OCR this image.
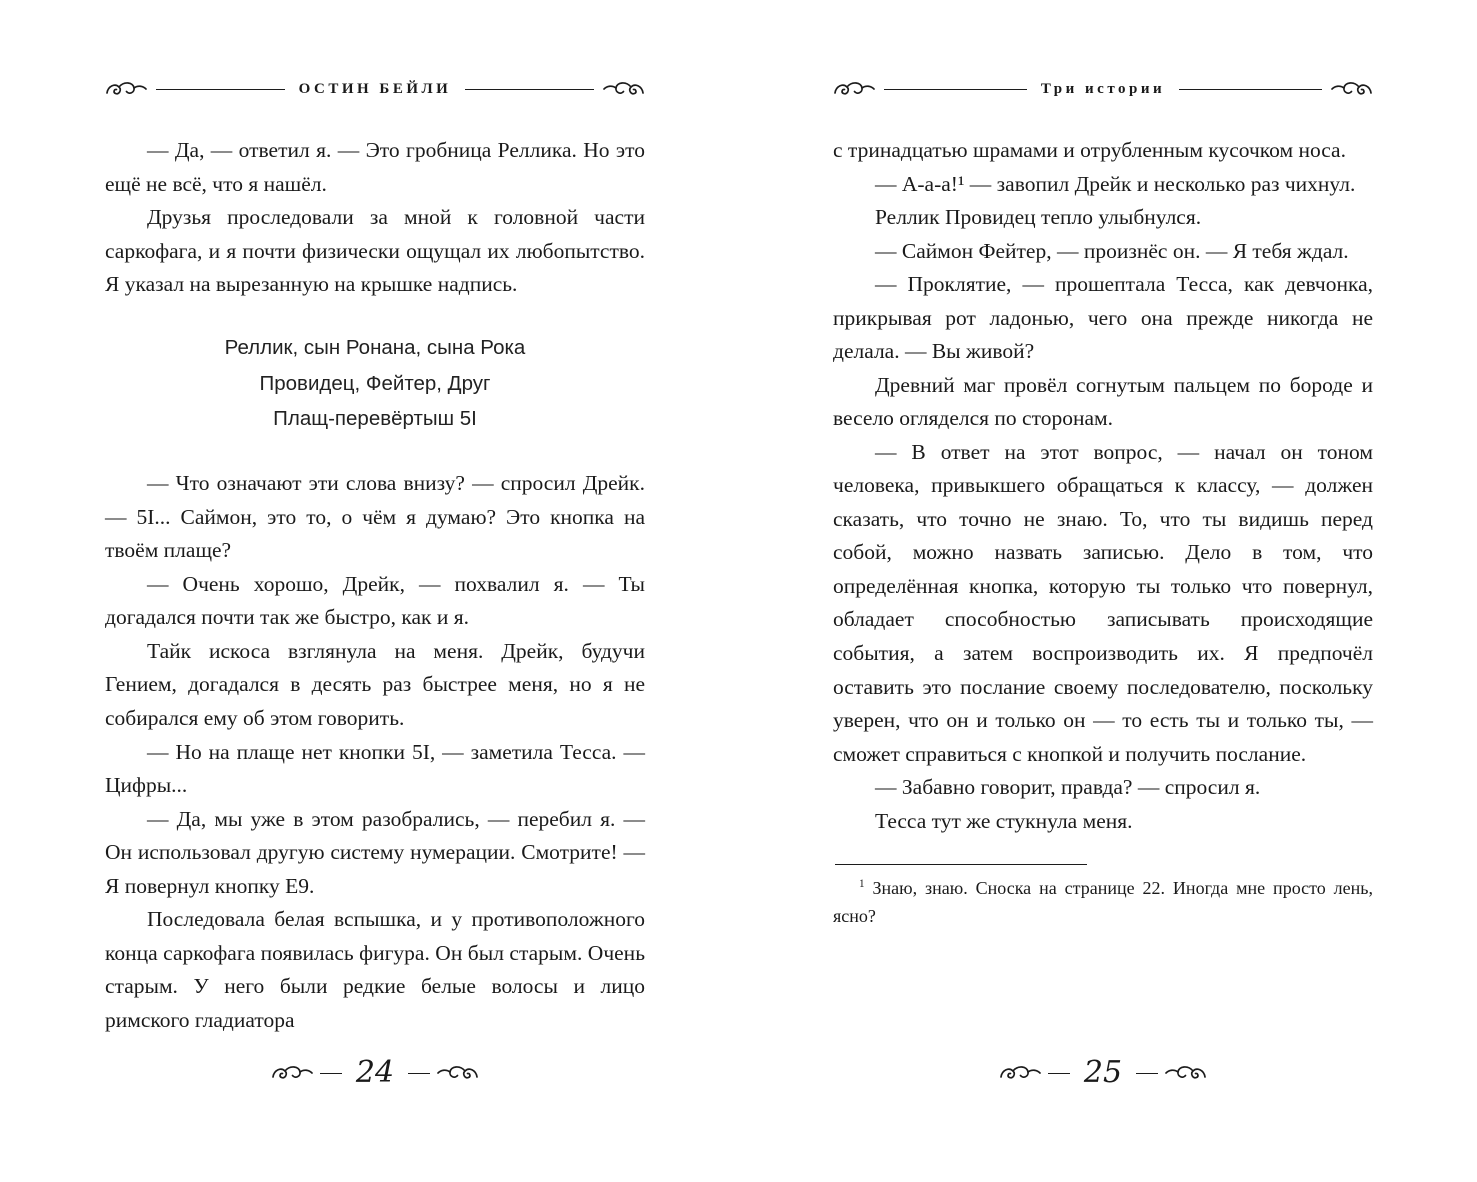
ОСТИН БЕЙЛИ

— Да, — ответил я. — Это гробница Реллика. Но это ещё не всё, что я нашёл.

Друзья проследовали за мной к головной части саркофага, и я почти физически ощущал их любопытство. Я указал на вырезанную на крышке надпись.

Реллик, сын Ронана, сына Рока
Провидец, Фейтер, Друг
Плащ-перевёртыш 5I

— Что означают эти слова внизу? — спросил Дрейк. — 5I... Саймон, это то, о чём я думаю? Это кнопка на твоём плаще?

— Очень хорошо, Дрейк, — похвалил я. — Ты догадался почти так же быстро, как и я.

Тайк искоса взглянула на меня. Дрейк, будучи Гением, догадался в десять раз быстрее меня, но я не собирался ему об этом говорить.

— Но на плаще нет кнопки 5I, — заметила Тесса. — Цифры...

— Да, мы уже в этом разобрались, — перебил я. — Он использовал другую систему нумерации. Смотрите! — Я повернул кнопку Е9.

Последовала белая вспышка, и у противоположного конца саркофага появилась фигура. Он был старым. Очень старым. У него были редкие белые волосы и лицо римского гладиатора

Три истории

с тринадцатью шрамами и отрубленным кусочком носа.

— А-а-а!¹ — завопил Дрейк и несколько раз чихнул.

Реллик Провидец тепло улыбнулся.

— Саймон Фейтер, — произнёс он. — Я тебя ждал.

— Проклятие, — прошептала Тесса, как девчонка, прикрывая рот ладонью, чего она прежде никогда не делала. — Вы живой?

Древний маг провёл согнутым пальцем по бороде и весело огляделся по сторонам.

— В ответ на этот вопрос, — начал он тоном человека, привыкшего обращаться к классу, — должен сказать, что точно не знаю. То, что ты видишь перед собой, можно назвать записью. Дело в том, что определённая кнопка, которую ты только что повернул, обладает способностью записывать происходящие события, а затем воспроизводить их. Я предпочёл оставить это послание своему последователю, поскольку уверен, что он и только он — то есть ты и только ты, — сможет справиться с кнопкой и получить послание.

— Забавно говорит, правда? — спросил я.

Тесса тут же стукнула меня.

$^1$ Знаю, знаю. Сноска на странице 22. Иногда мне просто лень, ясно?

24	25
